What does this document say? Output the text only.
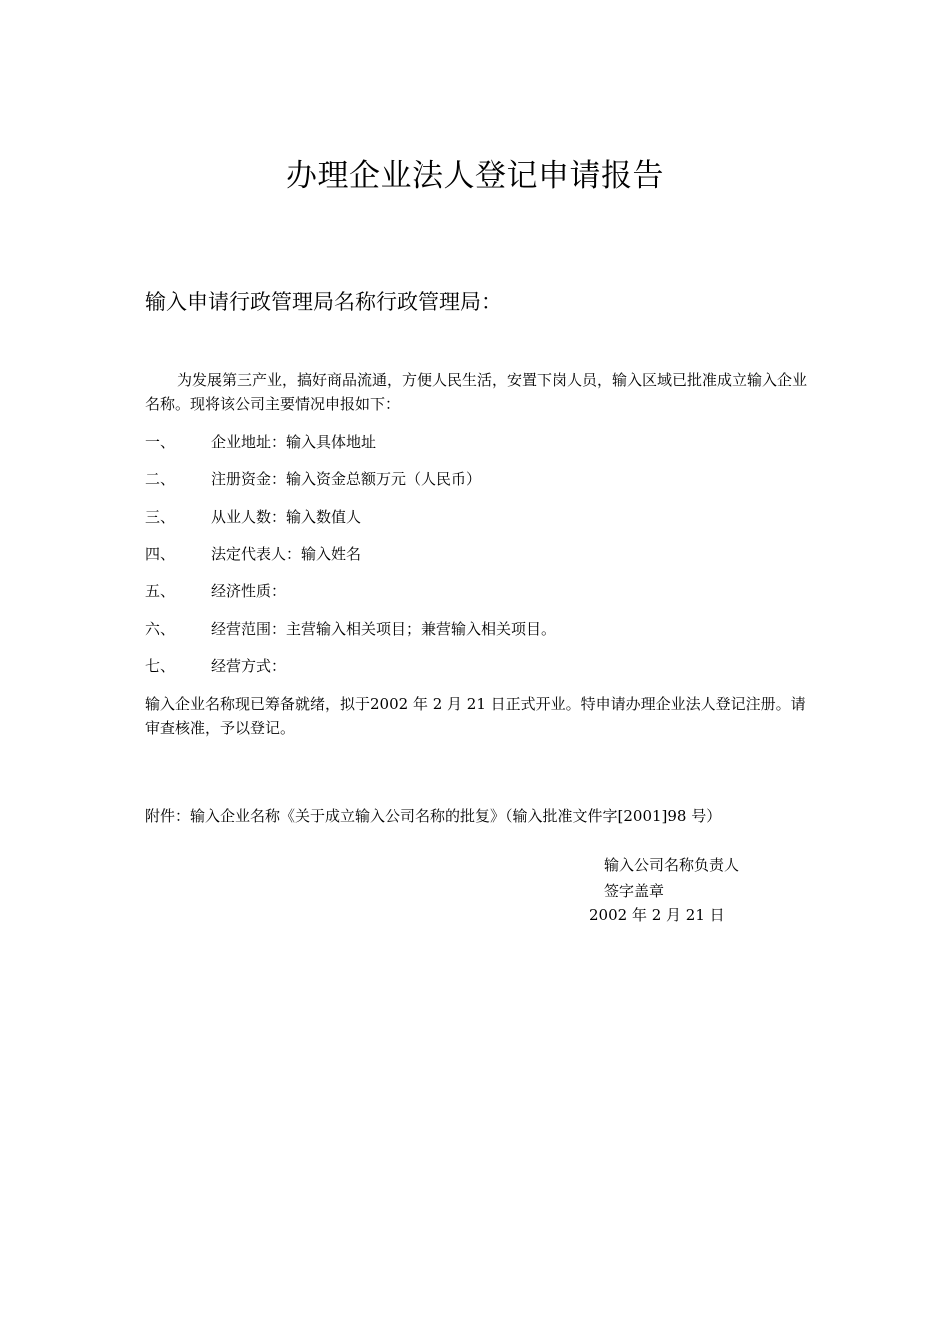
办理企业法人登记申请报告
输入申请行政管理局名称行政管理局：
为发展第三产业，搞好商品流通，方便人民生活，安置下岗人员，输入区域已批准成立输入企业名称。现将该公司主要情况申报如下：
一、 企业地址：输入具体地址
二、 注册资金：输入资金总额万元（人民币）
三、 从业人数：输入数值人
四、 法定代表人：输入姓名
五、 经济性质：
六、 经营范围：主营输入相关项目；兼营输入相关项目。
七、 经营方式：
输入企业名称现已筹备就绪，拟于2002 年 2 月 21 日正式开业。特申请办理企业法人登记注册。请审查核准，予以登记。
附件：输入企业名称《关于成立输入公司名称的批复》（输入批准文件字[2001]98 号）
输入公司名称负责人
签字盖章
2002 年 2 月 21 日
